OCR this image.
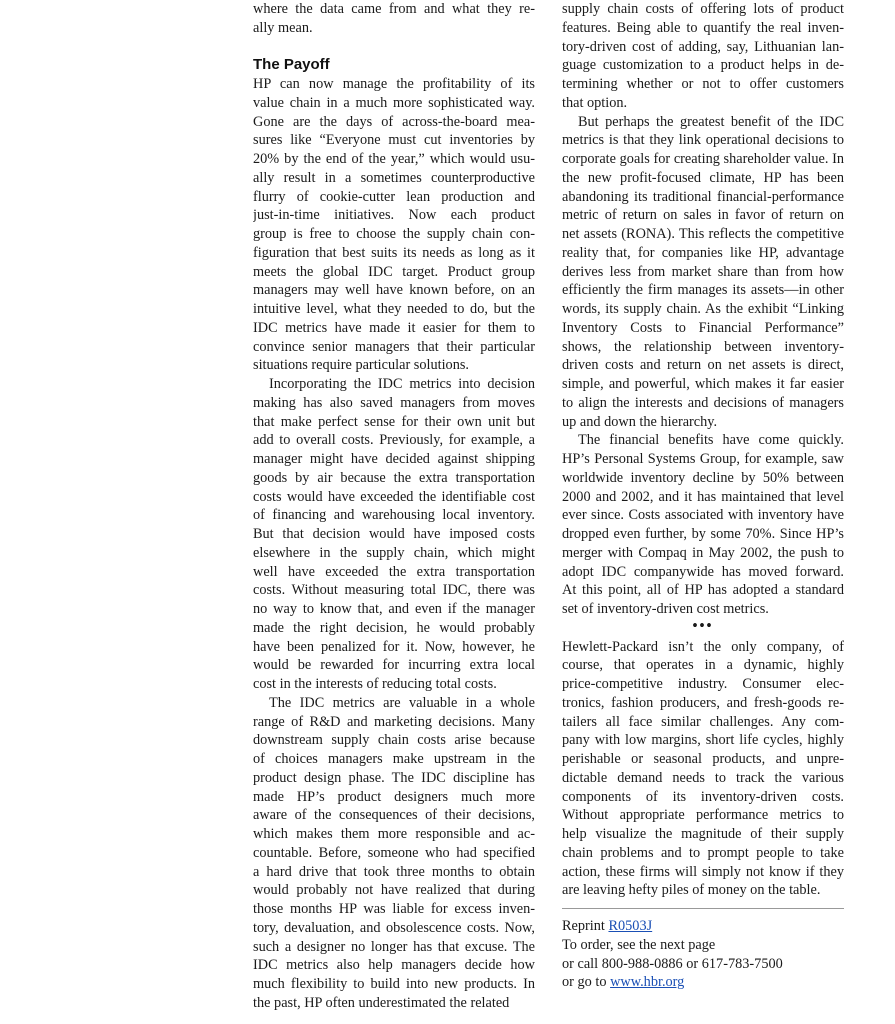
where the data came from and what they re-
ally mean.
The Payoff
HP can now manage the profitability of its
value chain in a much more sophisticated way.
Gone are the days of across-the-board mea-
sures like “Everyone must cut inventories by
20% by the end of the year,” which would usu-
ally result in a sometimes counterproductive
flurry of cookie-cutter lean production and
just-in-time initiatives. Now each product
group is free to choose the supply chain con-
figuration that best suits its needs as long as it
meets the global IDC target. Product group
managers may well have known before, on an
intuitive level, what they needed to do, but the
IDC metrics have made it easier for them to
convince senior managers that their particular
situations require particular solutions.
Incorporating the IDC metrics into decision
making has also saved managers from moves
that make perfect sense for their own unit but
add to overall costs. Previously, for example, a
manager might have decided against shipping
goods by air because the extra transportation
costs would have exceeded the identifiable cost
of financing and warehousing local inventory.
But that decision would have imposed costs
elsewhere in the supply chain, which might
well have exceeded the extra transportation
costs. Without measuring total IDC, there was
no way to know that, and even if the manager
made the right decision, he would probably
have been penalized for it. Now, however, he
would be rewarded for incurring extra local
cost in the interests of reducing total costs.
The IDC metrics are valuable in a whole
range of R&D and marketing decisions. Many
downstream supply chain costs arise because
of choices managers make upstream in the
product design phase. The IDC discipline has
made HP’s product designers much more
aware of the consequences of their decisions,
which makes them more responsible and ac-
countable. Before, someone who had specified
a hard drive that took three months to obtain
would probably not have realized that during
those months HP was liable for excess inven-
tory, devaluation, and obsolescence costs. Now,
such a designer no longer has that excuse. The
IDC metrics also help managers decide how
much flexibility to build into new products. In
the past, HP often underestimated the related
supply chain costs of offering lots of product
features. Being able to quantify the real inven-
tory-driven cost of adding, say, Lithuanian lan-
guage customization to a product helps in de-
termining whether or not to offer customers
that option.
But perhaps the greatest benefit of the IDC
metrics is that they link operational decisions to
corporate goals for creating shareholder value. In
the new profit-focused climate, HP has been
abandoning its traditional financial-performance
metric of return on sales in favor of return on
net assets (RONA). This reflects the competitive
reality that, for companies like HP, advantage
derives less from market share than from how
efficiently the firm manages its assets—in other
words, its supply chain. As the exhibit “Linking
Inventory Costs to Financial Performance”
shows, the relationship between inventory-
driven costs and return on net assets is direct,
simple, and powerful, which makes it far easier
to align the interests and decisions of managers
up and down the hierarchy.
The financial benefits have come quickly.
HP’s Personal Systems Group, for example, saw
worldwide inventory decline by 50% between
2000 and 2002, and it has maintained that level
ever since. Costs associated with inventory have
dropped even further, by some 70%. Since HP’s
merger with Compaq in May 2002, the push to
adopt IDC companywide has moved forward.
At this point, all of HP has adopted a standard
set of inventory-driven cost metrics.
•••
Hewlett-Packard isn’t the only company, of
course, that operates in a dynamic, highly
price-competitive industry. Consumer elec-
tronics, fashion producers, and fresh-goods re-
tailers all face similar challenges. Any com-
pany with low margins, short life cycles, highly
perishable or seasonal products, and unpre-
dictable demand needs to track the various
components of its inventory-driven costs.
Without appropriate performance metrics to
help visualize the magnitude of their supply
chain problems and to prompt people to take
action, these firms will simply not know if they
are leaving hefty piles of money on the table.
Reprint R0503J
To order, see the next page
or call 800-988-0886 or 617-783-7500
or go to www.hbr.org
